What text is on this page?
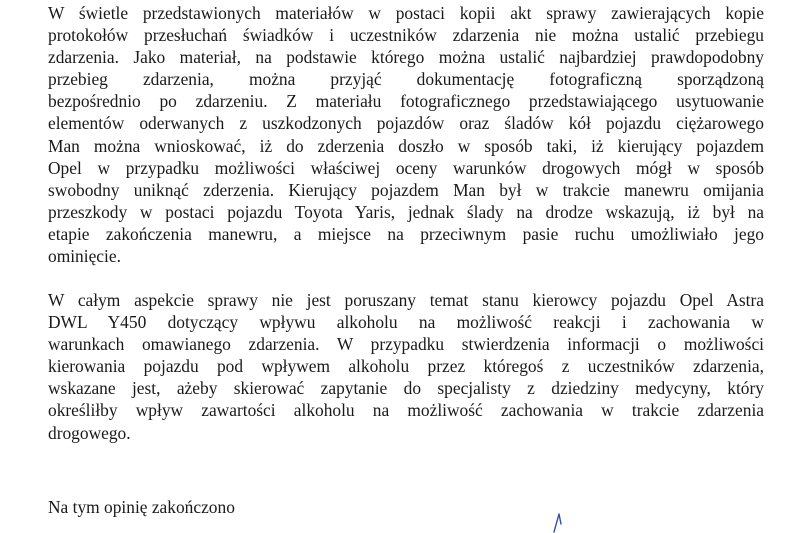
W świetle przedstawionych materiałów w postaci kopii akt sprawy zawierających kopie
protokołów przesłuchań świadków i uczestników zdarzenia nie można ustalić przebiegu
zdarzenia. Jako materiał, na podstawie którego można ustalić najbardziej prawdopodobny
przebieg zdarzenia, można przyjąć dokumentację fotograficzną sporządzoną
bezpośrednio po zdarzeniu. Z materiału fotograficznego przedstawiającego usytuowanie
elementów oderwanych z uszkodzonych pojazdów oraz śladów kół pojazdu ciężarowego
Man można wnioskować, iż do zderzenia doszło w sposób taki, iż kierujący pojazdem
Opel w przypadku możliwości właściwej oceny warunków drogowych mógł w sposób
swobodny uniknąć zderzenia. Kierujący pojazdem Man był w trakcie manewru omijania
przeszkody w postaci pojazdu Toyota Yaris, jednak ślady na drodze wskazują, iż był na
etapie zakończenia manewru, a miejsce na przeciwnym pasie ruchu umożliwiało jego
ominięcie.
W całym aspekcie sprawy nie jest poruszany temat stanu kierowcy pojazdu Opel Astra
DWL Y450 dotyczący wpływu alkoholu na możliwość reakcji i zachowania w
warunkach omawianego zdarzenia. W przypadku stwierdzenia informacji o możliwości
kierowania pojazdu pod wpływem alkoholu przez któregoś z uczestników zdarzenia,
wskazane jest, ażeby skierować zapytanie do specjalisty z dziedziny medycyny, który
określiłby wpływ zawartości alkoholu na możliwość zachowania w trakcie zdarzenia
drogowego.
Na tym opinię zakończono
